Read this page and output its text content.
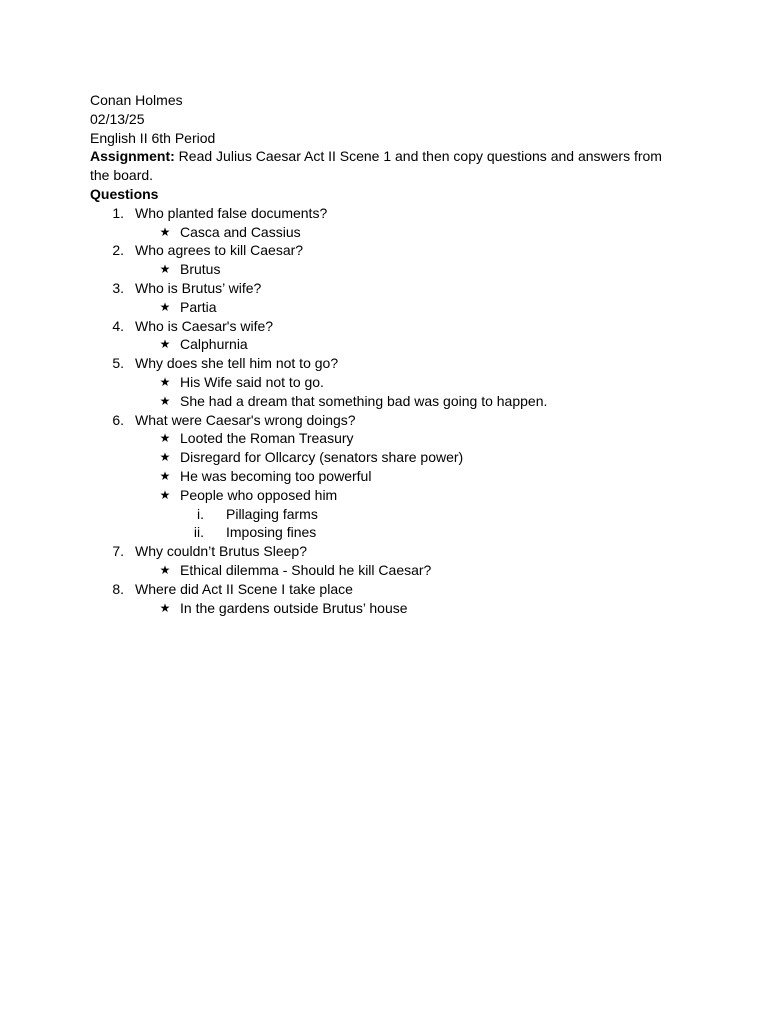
Conan Holmes
02/13/25
English II 6th Period
Assignment: Read Julius Caesar Act II Scene 1 and then copy questions and answers from the board.
Questions
1. Who planted false documents?
★ Casca and Cassius
2. Who agrees to kill Caesar?
★ Brutus
3. Who is Brutus’ wife?
★ Partia
4. Who is Caesar's wife?
★ Calphurnia
5. Why does she tell him not to go?
★ His Wife said not to go.
★ She had a dream that something bad was going to happen.
6. What were Caesar's wrong doings?
★ Looted the Roman Treasury
★ Disregard for Ollcarcy (senators share power)
★ He was becoming too powerful
★ People who opposed him
i. Pillaging farms
ii. Imposing fines
7. Why couldn’t Brutus Sleep?
★ Ethical dilemma - Should he kill Caesar?
8. Where did Act II Scene I take place
★ In the gardens outside Brutus’ house
